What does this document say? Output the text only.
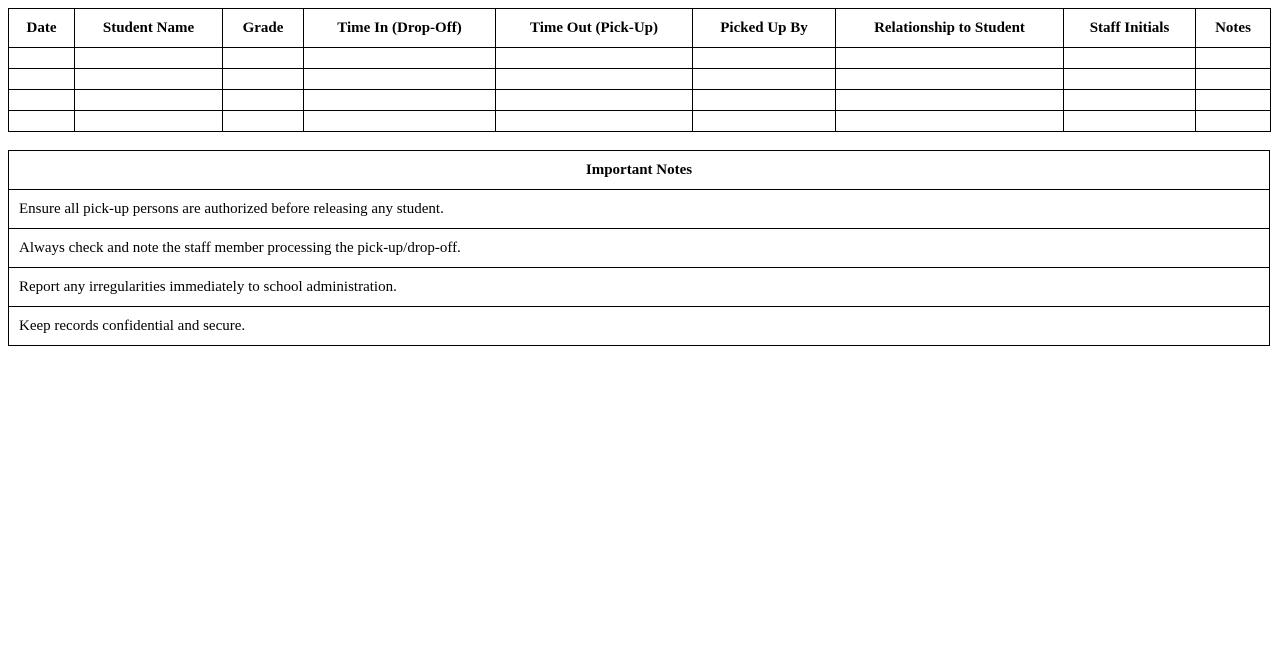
Date	Student Name	Grade	Time In (Drop-Off)	Time Out (Pick-Up)	Picked Up By	Relationship to Student	Staff Initials	Notes

Important Notes
Ensure all pick-up persons are authorized before releasing any student.
Always check and note the staff member processing the pick-up/drop-off.
Report any irregularities immediately to school administration.
Keep records confidential and secure.
